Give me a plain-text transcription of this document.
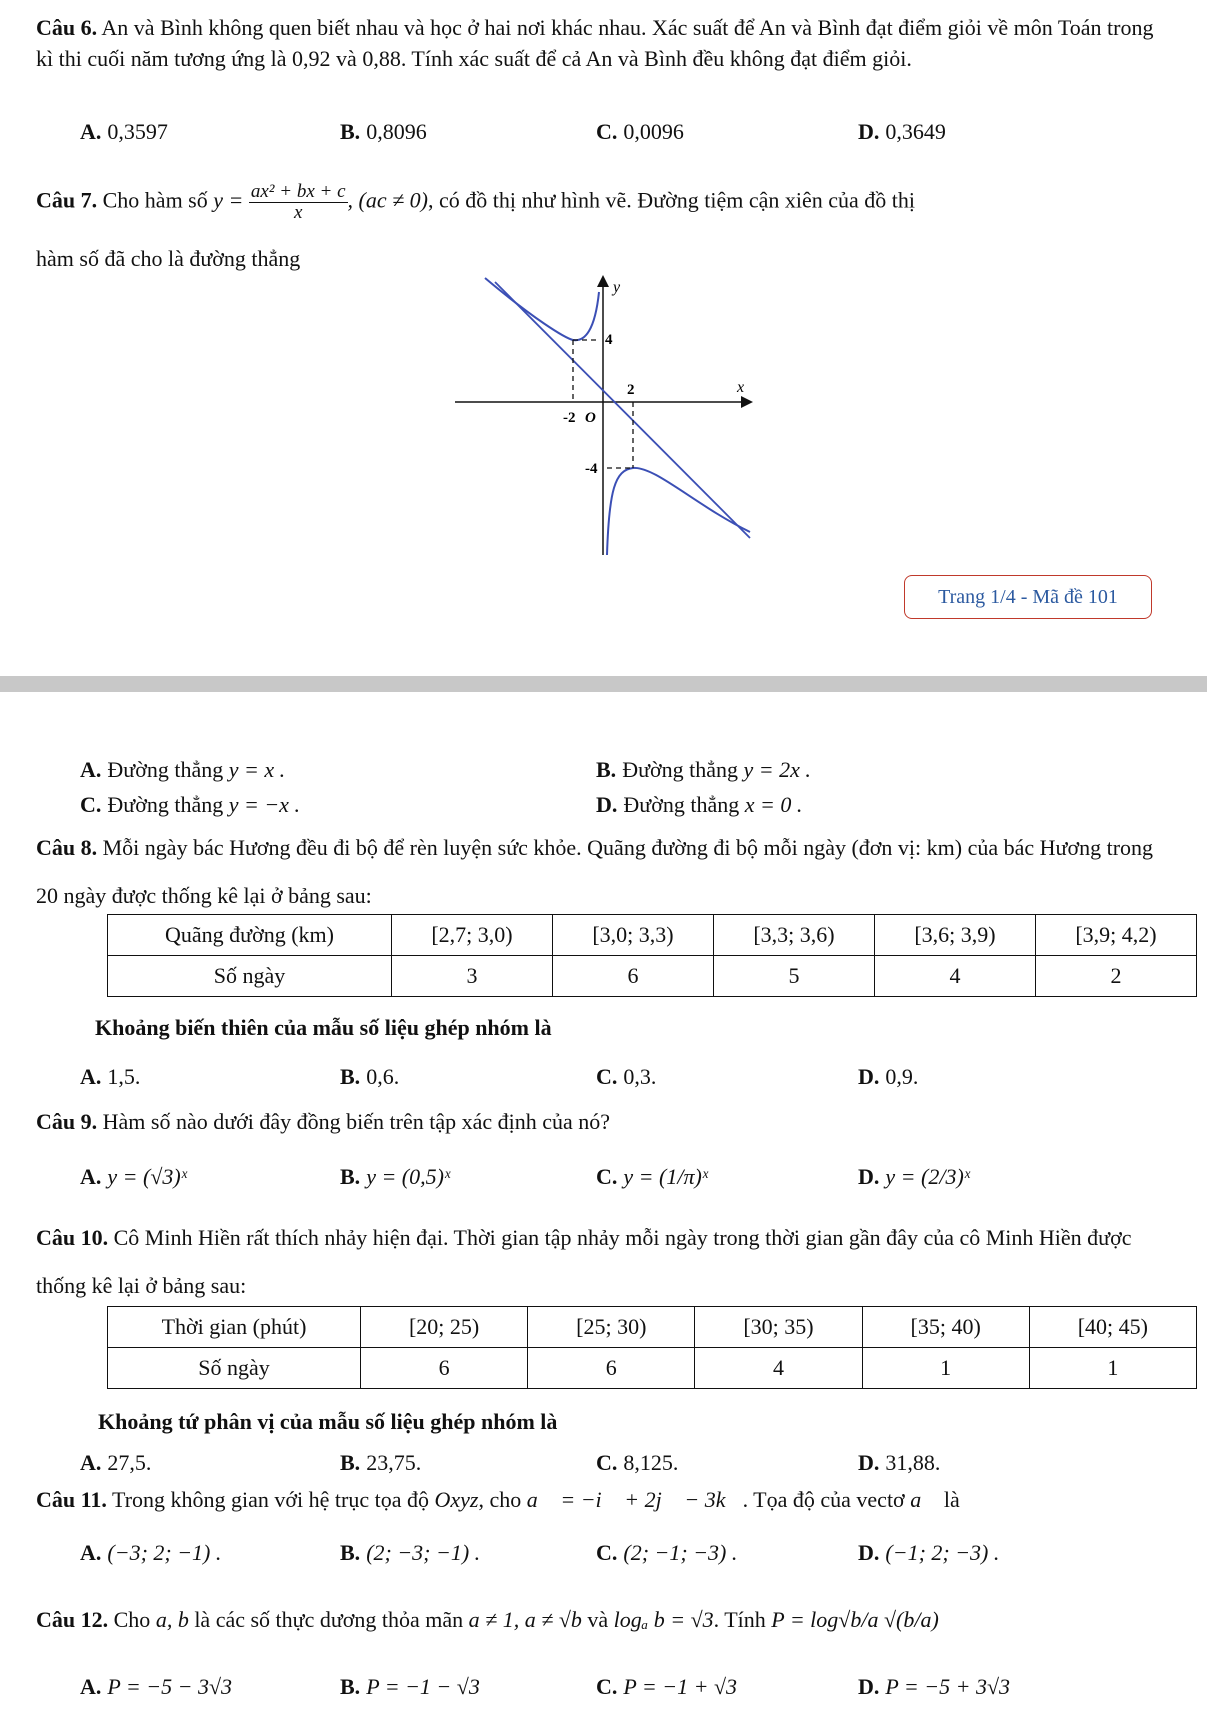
Câu 6. An và Bình không quen biết nhau và học ở hai nơi khác nhau. Xác suất để An và Bình đạt điểm giỏi về môn Toán trong kì thi cuối năm tương ứng là 0,92 và 0,88. Tính xác suất để cả An và Bình đều không đạt điểm giỏi.

A. 0,3597	B. 0,8096	C. 0,0096	D. 0,3649
Câu 7. Cho hàm số $y = \frac{\text{ax² + bx + c}}{x}$ , (ac ≠ 0), có đồ thị như hình vẽ. Đường tiệm cận xiên của đồ thị

hàm số đã cho là đường thẳng

y
x
4
2
-2 O
-4
Trang 1/4 - Mã đề 101
A. Đường thẳng y = x .	B. Đường thẳng y = 2x .
C. Đường thẳng y = −x .	D. Đường thẳng x = 0 .

Câu 8. Mỗi ngày bác Hương đều đi bộ để rèn luyện sức khỏe. Quãng đường đi bộ mỗi ngày (đơn vị: km) của bác Hương trong 20 ngày được thống kê lại ở bảng sau:

Quãng đường (km)	[2,7; 3,0)	[3,0; 3,3)	[3,3; 3,6)	[3,6; 3,9)	[3,9; 4,2)
Số ngày	3	6	5	4	2
Khoảng biến thiên của mẫu số liệu ghép nhóm là
A. 1,5.	B. 0,6.	C. 0,3.	D. 0,9.

Câu 9. Hàm số nào dưới đây đồng biến trên tập xác định của nó?

A. y = (√3)ˣ	B. y = (0,5)ˣ	C. y = (1/π)ˣ	D. y = (2/3)ˣ

Câu 10. Cô Minh Hiền rất thích nhảy hiện đại. Thời gian tập nhảy mỗi ngày trong thời gian gần đây của cô Minh Hiền được thống kê lại ở bảng sau:

Thời gian (phút)	[20; 25)	[25; 30)	[30; 35)	[35; 40)	[40; 45)
Số ngày	6	6	4	1	1
Khoảng tứ phân vị của mẫu số liệu ghép nhóm là
A. 27,5.	B. 23,75.	C. 8,125.	D. 31,88.
Câu 11. Trong không gian với hệ trục tọa độ Oxyz, cho a⃗ = −i⃗ + 2j⃗ − 3k⃗. Tọa độ của vectơ a⃗ là
A. (−3; 2; −1) .	B. (2; −3; −1) .	C. (2; −1; −3) .	D. (−1; 2; −3) .
Câu 12. Cho a, b là các số thực dương thỏa mãn a ≠ 1, a ≠ √b và logₐ b = √3. Tính P = log√b/a √(b/a)
A. P = −5 − 3√3	B. P = −1 − √3	C. P = −1 + √3	D. P = −5 + 3√3
